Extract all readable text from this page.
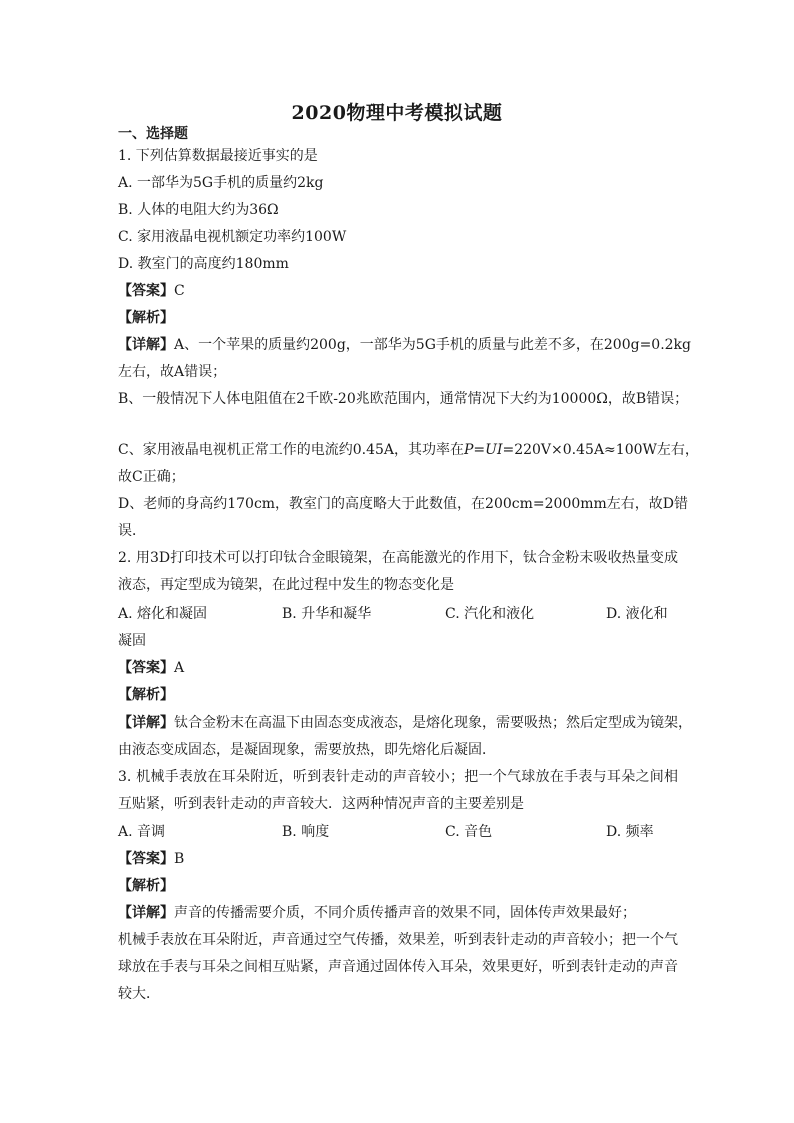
2020物理中考模拟试题
一、选择题
1. 下列估算数据最接近事实的是
A. 一部华为5G手机的质量约2kg
B. 人体的电阻大约为36Ω
C. 家用液晶电视机额定功率约100W
D. 教室门的高度约180mm
【答案】C
【解析】
【详解】A、一个苹果的质量约200g，一部华为5G手机的质量与此差不多，在200g=0.2kg
左右，故A错误；
B、一般情况下人体电阻值在2千欧-20兆欧范围内，通常情况下大约为10000Ω，故B错误；
C、家用液晶电视机正常工作的电流约0.45A，其功率在P=UI=220V×0.45A≈100W左右，
故C正确；
D、老师的身高约170cm，教室门的高度略大于此数值，在200cm=2000mm左右，故D错
误．
2. 用3D打印技术可以打印钛合金眼镜架，在高能激光的作用下，钛合金粉末吸收热量变成
液态，再定型成为镜架，在此过程中发生的物态变化是
A. 熔化和凝固	B. 升华和凝华	C. 汽化和液化	D. 液化和
凝固
【答案】A
【解析】
【详解】钛合金粉末在高温下由固态变成液态，是熔化现象，需要吸热；然后定型成为镜架，
由液态变成固态，是凝固现象，需要放热，即先熔化后凝固．
3. 机械手表放在耳朵附近，听到表针走动的声音较小；把一个气球放在手表与耳朵之间相
互贴紧，听到表针走动的声音较大．这两种情况声音的主要差别是
A. 音调	B. 响度	C. 音色	D. 频率
【答案】B
【解析】
【详解】声音的传播需要介质，不同介质传播声音的效果不同，固体传声效果最好；
机械手表放在耳朵附近，声音通过空气传播，效果差，听到表针走动的声音较小；把一个气
球放在手表与耳朵之间相互贴紧，声音通过固体传入耳朵，效果更好，听到表针走动的声音
较大．
